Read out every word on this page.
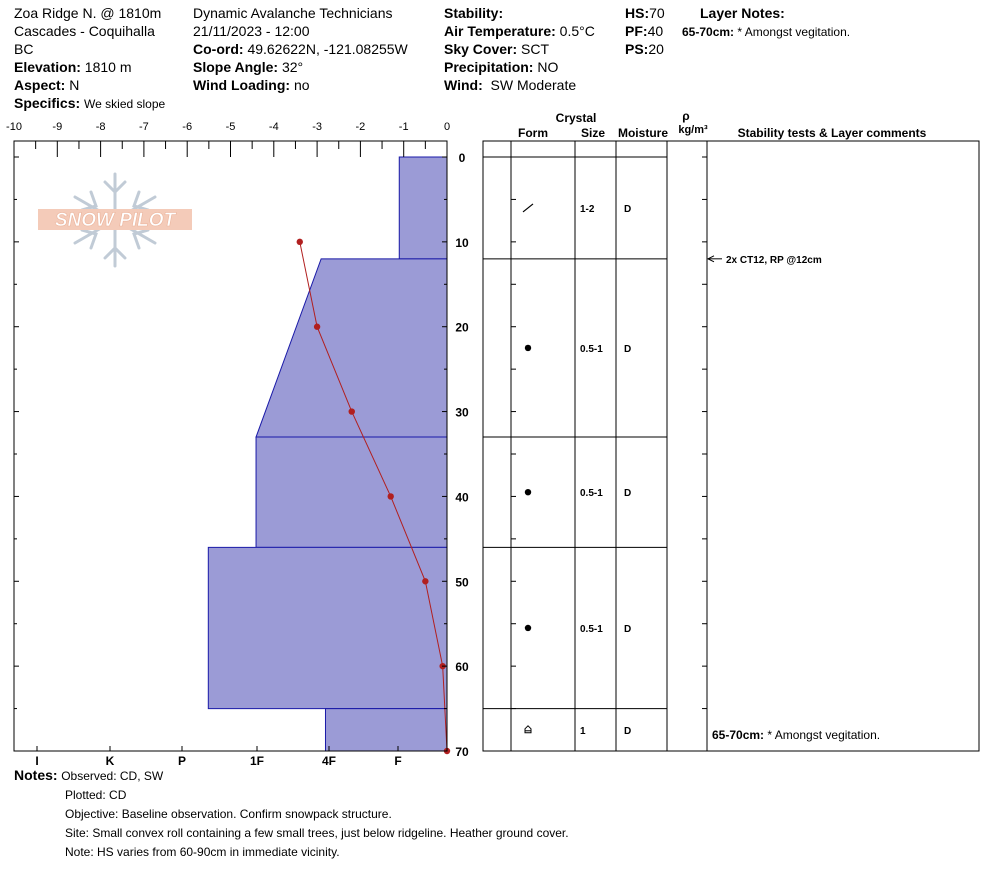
Zoa Ridge N. @ 1810m
Cascades - Coquihalla
BC
Elevation: 1810 m
Aspect: N
Specifics: We skied slope
Dynamic Avalanche Technicians
21/11/2023 - 12:00
Co-ord: 49.62622N, -121.08255W
Slope Angle: 32°
Wind Loading: no
Stability:
Air Temperature: 0.5°C
Sky Cover: SCT
Precipitation: NO
Wind: SW Moderate
HS:70
PF:40
PS:20
Layer Notes:
65-70cm: * Amongst vegitation.
SNOW PILOT
-10	-9	-8	-7	-6	-5	-4	-3	-2	-1	0
0
10
20
30
40
50
60
70
I	K	P	1F	4F	F
1-2	D
0.5-1 D
0.5-1 D
0.5-1 D
1	D
2x CT12, RP @12cm
65-70cm: * Amongst vegitation.
Crystal
Form	Size Moisture
ρ
kg/m³ Stability tests & Layer comments
Notes: Observed: CD, SW
Plotted: CD
Objective: Baseline observation. Confirm snowpack structure.
Site: Small convex roll containing a few small trees, just below ridgeline. Heather ground cover.
Note: HS varies from 60-90cm in immediate vicinity.
